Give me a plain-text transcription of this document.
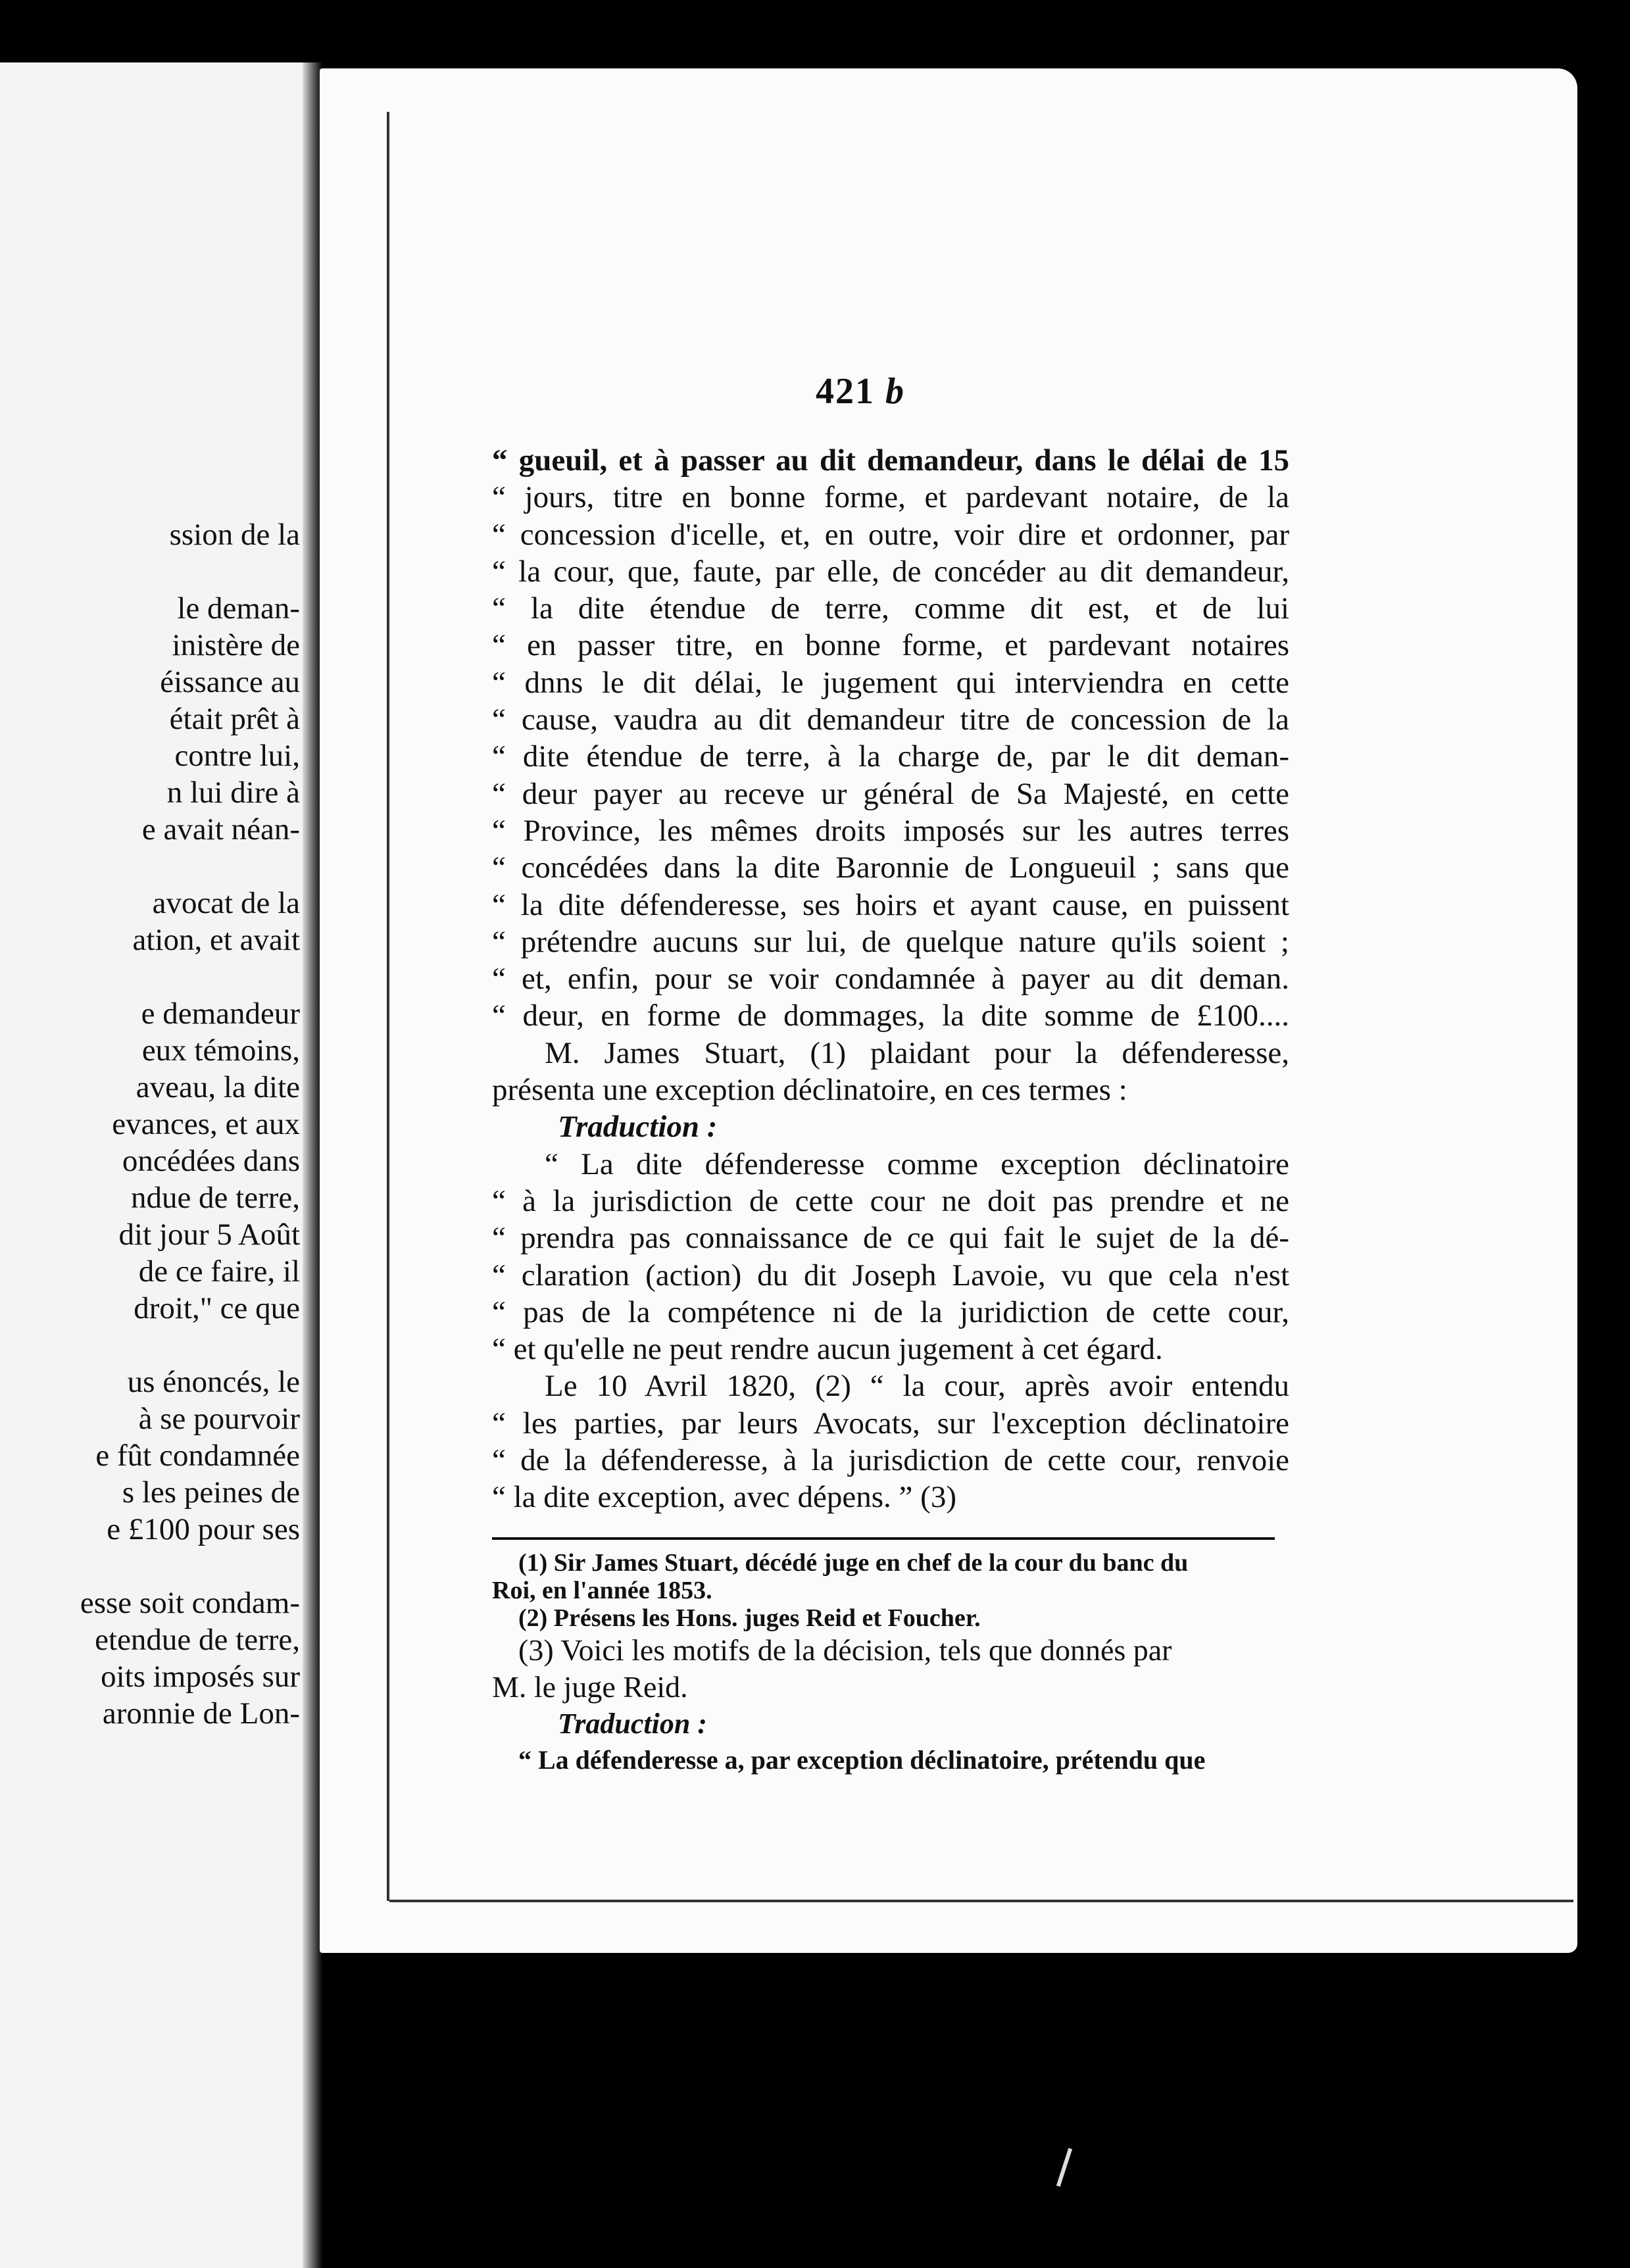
ssion de la
le deman-
inistère de
éissance au
était prêt à
contre lui,
n lui dire à
e avait néan-
avocat de la
ation, et avait
e demandeur
eux témoins,
aveau, la dite
evances, et aux
oncédées dans
ndue de terre,
dit jour 5 Août
de ce faire, il
droit," ce que
us énoncés, le
à se pourvoir
e fût condamnée
s les peines de
e £100 pour ses
esse soit condam-
etendue de terre,
oits imposés sur
aronnie de Lon-
421 b
“ gueuil, et à passer au dit demandeur, dans le délai de 15
“ jours, titre en bonne forme, et pardevant notaire, de la
“ concession d'icelle, et, en outre, voir dire et ordonner, par
“ la cour, que, faute, par elle, de concéder au dit demandeur,
“ la dite étendue de terre, comme dit est, et de lui
“ en passer titre, en bonne forme, et pardevant notaires
“ dnns le dit délai, le jugement qui interviendra en cette
“ cause, vaudra au dit demandeur titre de concession de la
“ dite étendue de terre, à la charge de, par le dit deman-
“ deur payer au receve ur général de Sa Majesté, en cette
“ Province, les mêmes droits imposés sur les autres terres
“ concédées dans la dite Baronnie de Longueuil ; sans que
“ la dite défenderesse, ses hoirs et ayant cause, en puissent
“ prétendre aucuns sur lui, de quelque nature qu'ils soient ;
“ et, enfin, pour se voir condamnée à payer au dit deman.
“ deur, en forme de dommages, la dite somme de £100....
M. James Stuart, (1) plaidant pour la défenderesse,
présenta une exception déclinatoire, en ces termes :
Traduction :
“ La dite défenderesse comme exception déclinatoire
“ à la jurisdiction de cette cour ne doit pas prendre et ne
“ prendra pas connaissance de ce qui fait le sujet de la dé-
“ claration (action) du dit Joseph Lavoie, vu que cela n'est
“ pas de la compétence ni de la juridiction de cette cour,
“ et qu'elle ne peut rendre aucun jugement à cet égard.
Le 10 Avril 1820, (2) “ la cour, après avoir entendu
“ les parties, par leurs Avocats, sur l'exception déclinatoire
“ de la défenderesse, à la jurisdiction de cette cour, renvoie
“ la dite exception, avec dépens. ” (3)
(1) Sir James Stuart, décédé juge en chef de la cour du banc du
Roi, en l'année 1853.
(2) Présens les Hons. juges Reid et Foucher.
(3) Voici les motifs de la décision, tels que donnés par
M. le juge Reid.
Traduction :
“ La défenderesse a, par exception déclinatoire, prétendu que
